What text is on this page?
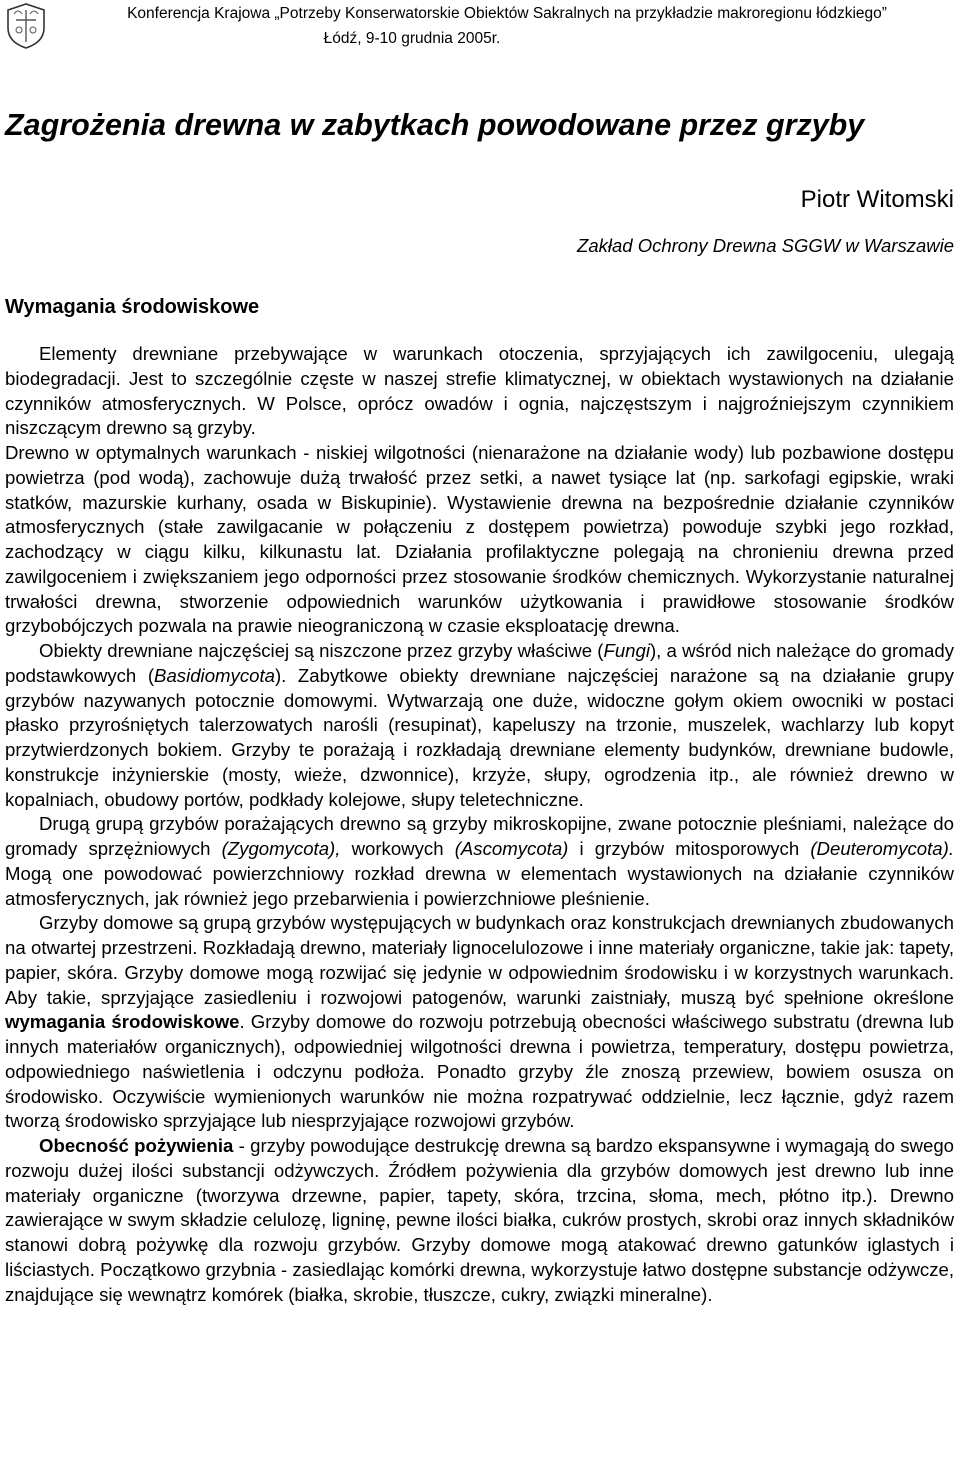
Konferencja Krajowa „Potrzeby Konserwatorskie Obiektów Sakralnych na przykładzie makroregionu łódzkiego”
Łódź, 9-10 grudnia 2005r.
Zagrożenia drewna w zabytkach powodowane przez grzyby
Piotr Witomski
Zakład Ochrony Drewna SGGW w Warszawie
Wymagania środowiskowe

Elementy drewniane przebywające w warunkach otoczenia, sprzyjających ich zawilgoceniu, ulegają biodegradacji. Jest to szczególnie częste w naszej strefie klimatycznej, w obiektach wystawionych na działanie czynników atmosferycznych. W Polsce, oprócz owadów i ognia, najczęstszym i najgroźniejszym czynnikiem niszczącym drewno są grzyby.

Drewno w optymalnych warunkach - niskiej wilgotności (nienarażone na działanie wody) lub pozbawione dostępu powietrza (pod wodą), zachowuje dużą trwałość przez setki, a nawet tysiące lat (np. sarkofagi egipskie, wraki statków, mazurskie kurhany, osada w Biskupinie). Wystawienie drewna na bezpośrednie działanie czynników atmosferycznych (stałe zawilgacanie w połączeniu z dostępem powietrza) powoduje szybki jego rozkład, zachodzący w ciągu kilku, kilkunastu lat. Działania profilaktyczne polegają na chronieniu drewna przed zawilgoceniem i zwiększaniem jego odporności przez stosowanie środków chemicznych. Wykorzystanie naturalnej trwałości drewna, stworzenie odpowiednich warunków użytkowania i prawidłowe stosowanie środków grzybobójczych pozwala na prawie nieograniczoną w czasie eksploatację drewna.

Obiekty drewniane najczęściej są niszczone przez grzyby właściwe (Fungi), a wśród nich należące do gromady podstawkowych (Basidiomycota). Zabytkowe obiekty drewniane najczęściej narażone są na działanie grupy grzybów nazywanych potocznie domowymi. Wytwarzają one duże, widoczne gołym okiem owocniki w postaci płasko przyrośniętych talerzowatych narośli (resupinat), kapeluszy na trzonie, muszelek, wachlarzy lub kopyt przytwierdzonych bokiem. Grzyby te porażają i rozkładają drewniane elementy budynków, drewniane budowle, konstrukcje inżynierskie (mosty, wieże, dzwonnice), krzyże, słupy, ogrodzenia itp., ale również drewno w kopalniach, obudowy portów, podkłady kolejowe, słupy teletechniczne.

Drugą grupą grzybów porażających drewno są grzyby mikroskopijne, zwane potocznie pleśniami, należące do gromady sprzężniowych (Zygomycota), workowych (Ascomycota) i grzybów mitosporowych (Deuteromycota). Mogą one powodować powierzchniowy rozkład drewna w elementach wystawionych na działanie czynników atmosferycznych, jak również jego przebarwienia i powierzchniowe pleśnienie.

Grzyby domowe są grupą grzybów występujących w budynkach oraz konstrukcjach drewnianych zbudowanych na otwartej przestrzeni. Rozkładają drewno, materiały lignocelulozowe i inne materiały organiczne, takie jak: tapety, papier, skóra. Grzyby domowe mogą rozwijać się jedynie w odpowiednim środowisku i w korzystnych warunkach. Aby takie, sprzyjające zasiedleniu i rozwojowi patogenów, warunki zaistniały, muszą być spełnione określone wymagania środowiskowe. Grzyby domowe do rozwoju potrzebują obecności właściwego substratu (drewna lub innych materiałów organicznych), odpowiedniej wilgotności drewna i powietrza, temperatury, dostępu powietrza, odpowiedniego naświetlenia i odczynu podłoża. Ponadto grzyby źle znoszą przewiew, bowiem osusza on środowisko. Oczywiście wymienionych warunków nie można rozpatrywać oddzielnie, lecz łącznie, gdyż razem tworzą środowisko sprzyjające lub niesprzyjające rozwojowi grzybów.

Obecność pożywienia - grzyby powodujące destrukcję drewna są bardzo ekspansywne i wymagają do swego rozwoju dużej ilości substancji odżywczych. Źródłem pożywienia dla grzybów domowych jest drewno lub inne materiały organiczne (tworzywa drzewne, papier, tapety, skóra, trzcina, słoma, mech, płótno itp.). Drewno zawierające w swym składzie celulozę, ligninę, pewne ilości białka, cukrów prostych, skrobi oraz innych składników stanowi dobrą pożywkę dla rozwoju grzybów. Grzyby domowe mogą atakować drewno gatunków iglastych i liściastych. Początkowo grzybnia - zasiedlając komórki drewna, wykorzystuje łatwo dostępne substancje odżywcze, znajdujące się wewnątrz komórek (białka, skrobie, tłuszcze, cukry, związki mineralne).
